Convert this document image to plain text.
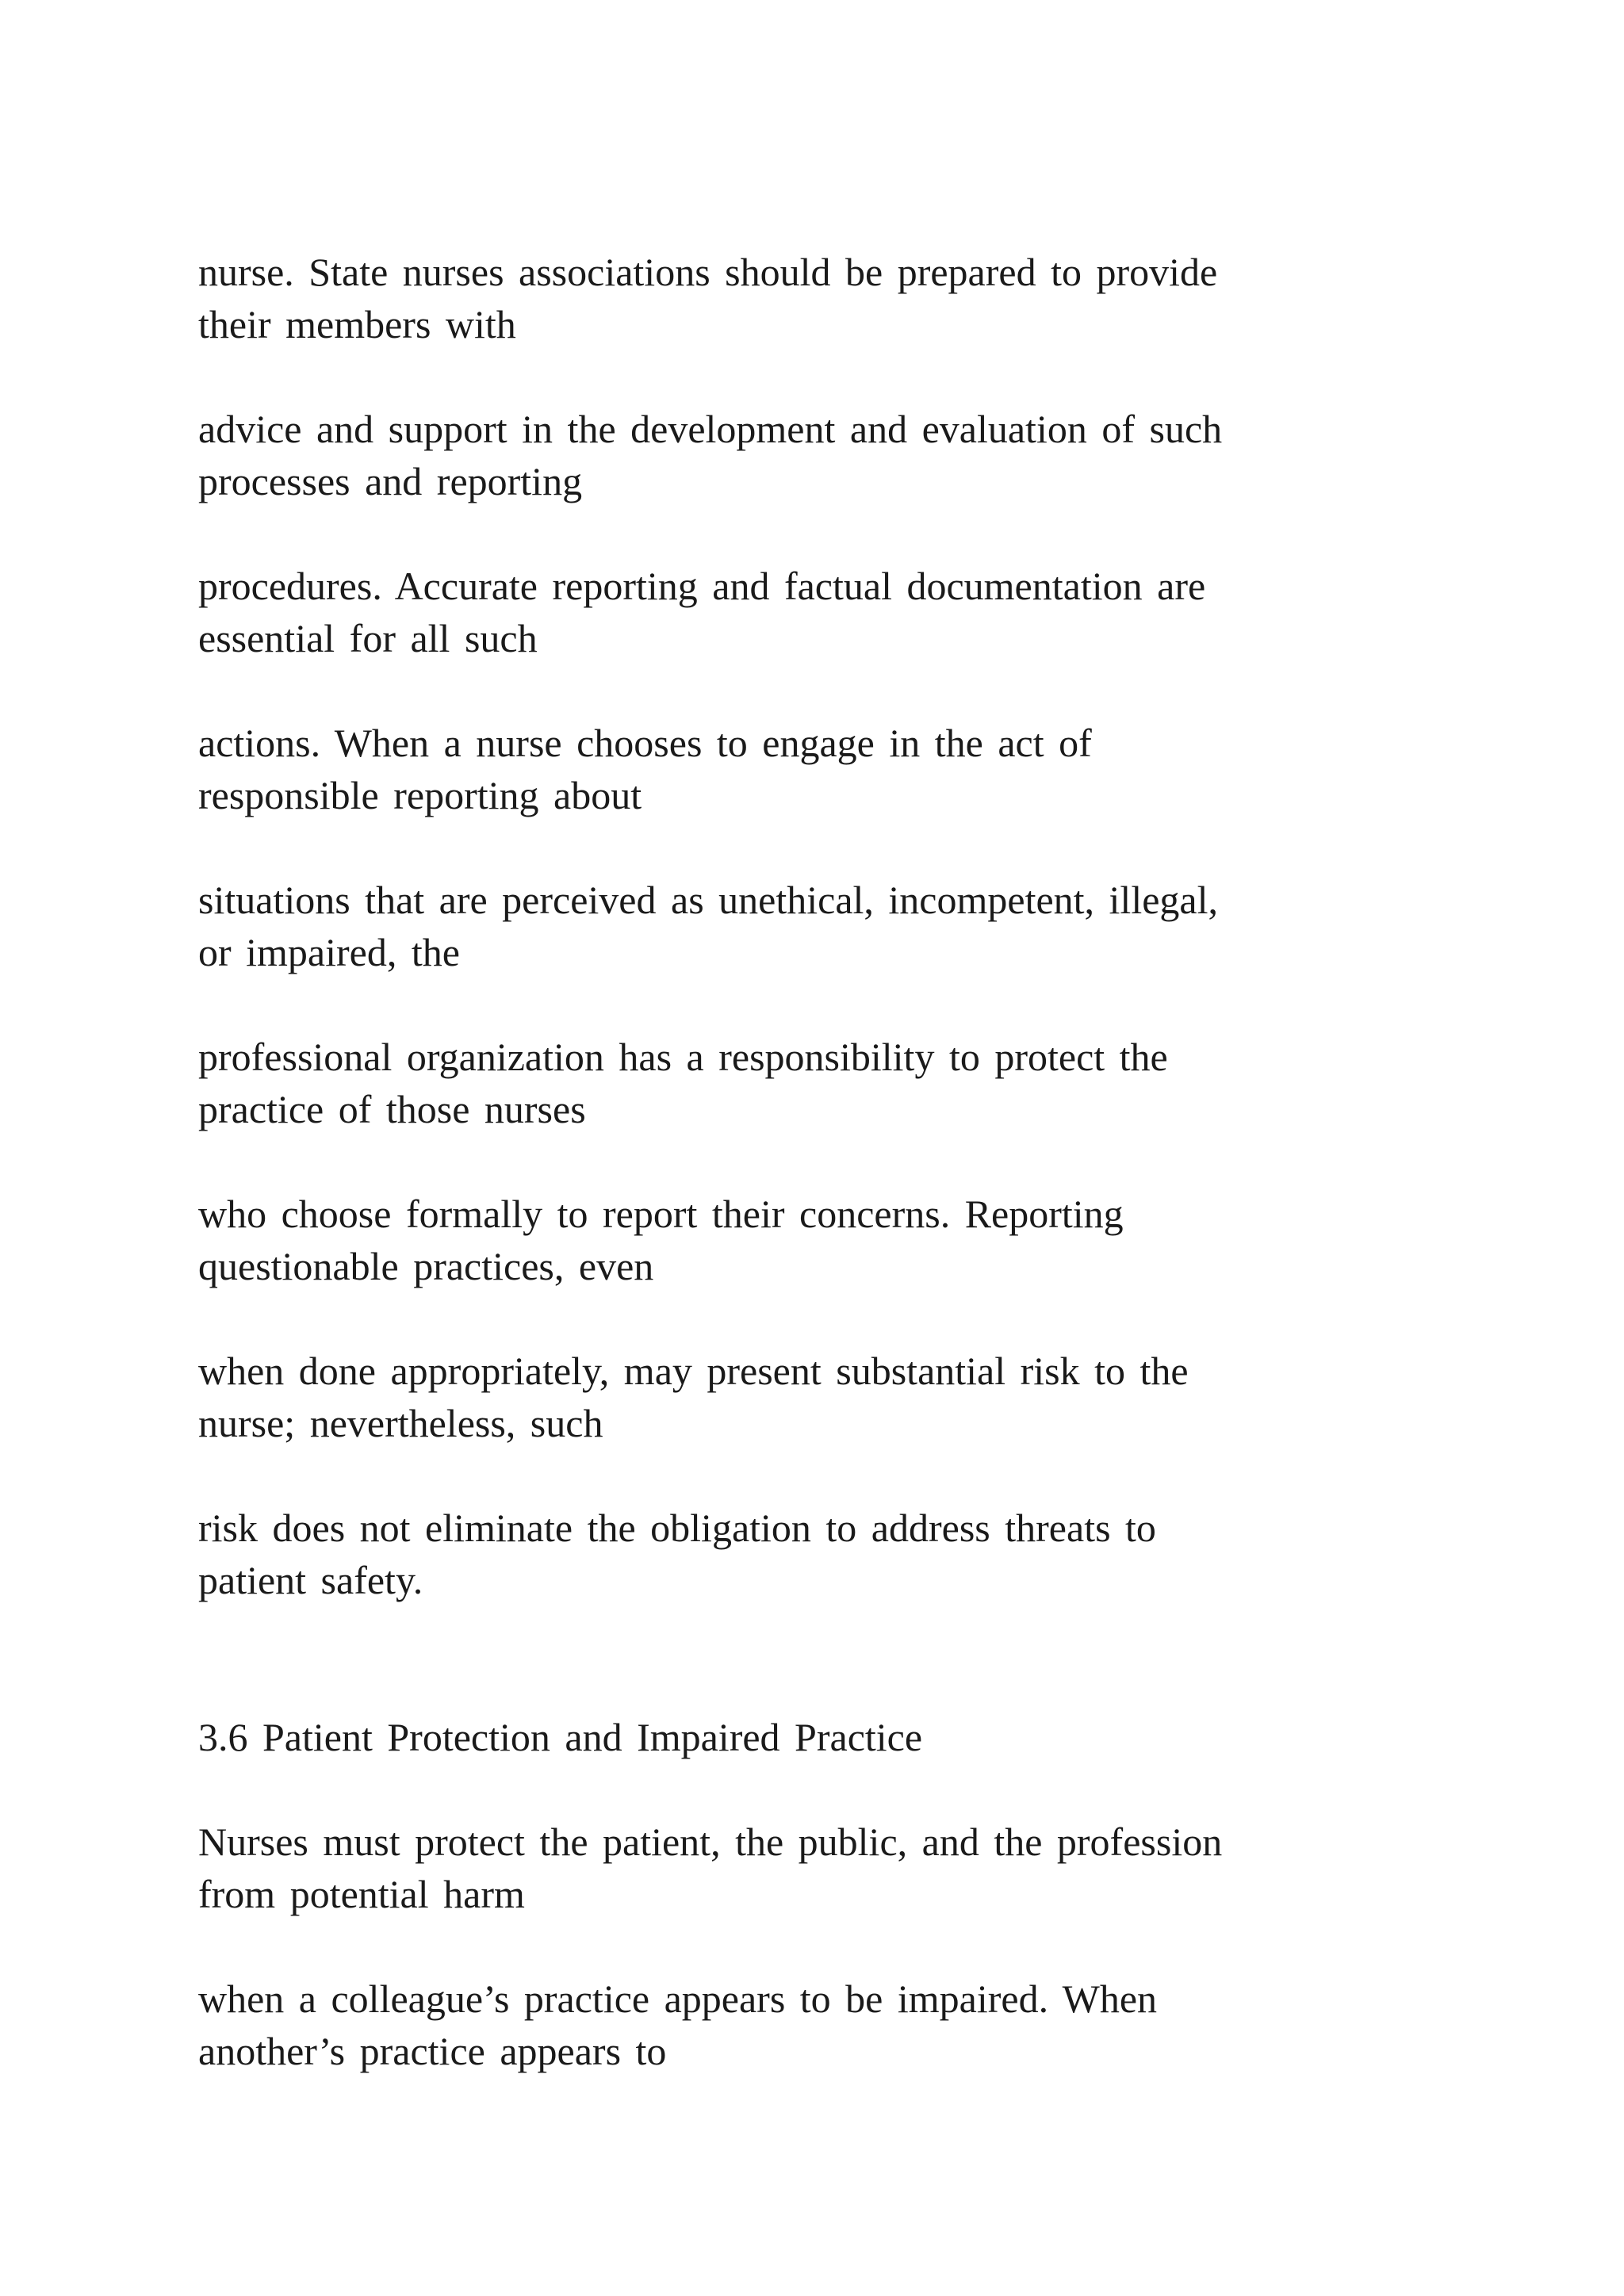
nurse. State nurses associations should be prepared to provide
their members with

advice and support in the development and evaluation of such
processes and reporting

procedures. Accurate reporting and factual documentation are
essential for all such

actions. When a nurse chooses to engage in the act of
responsible reporting about

situations that are perceived as unethical, incompetent, illegal,
or impaired, the

professional organization has a responsibility to protect the
practice of those nurses

who choose formally to report their concerns. Reporting
questionable practices, even

when done appropriately, may present substantial risk to the
nurse; nevertheless, such

risk does not eliminate the obligation to address threats to
patient safety.

3.6 Patient Protection and Impaired Practice

Nurses must protect the patient, the public, and the profession
from potential harm

when a colleague’s practice appears to be impaired. When
another’s practice appears to
